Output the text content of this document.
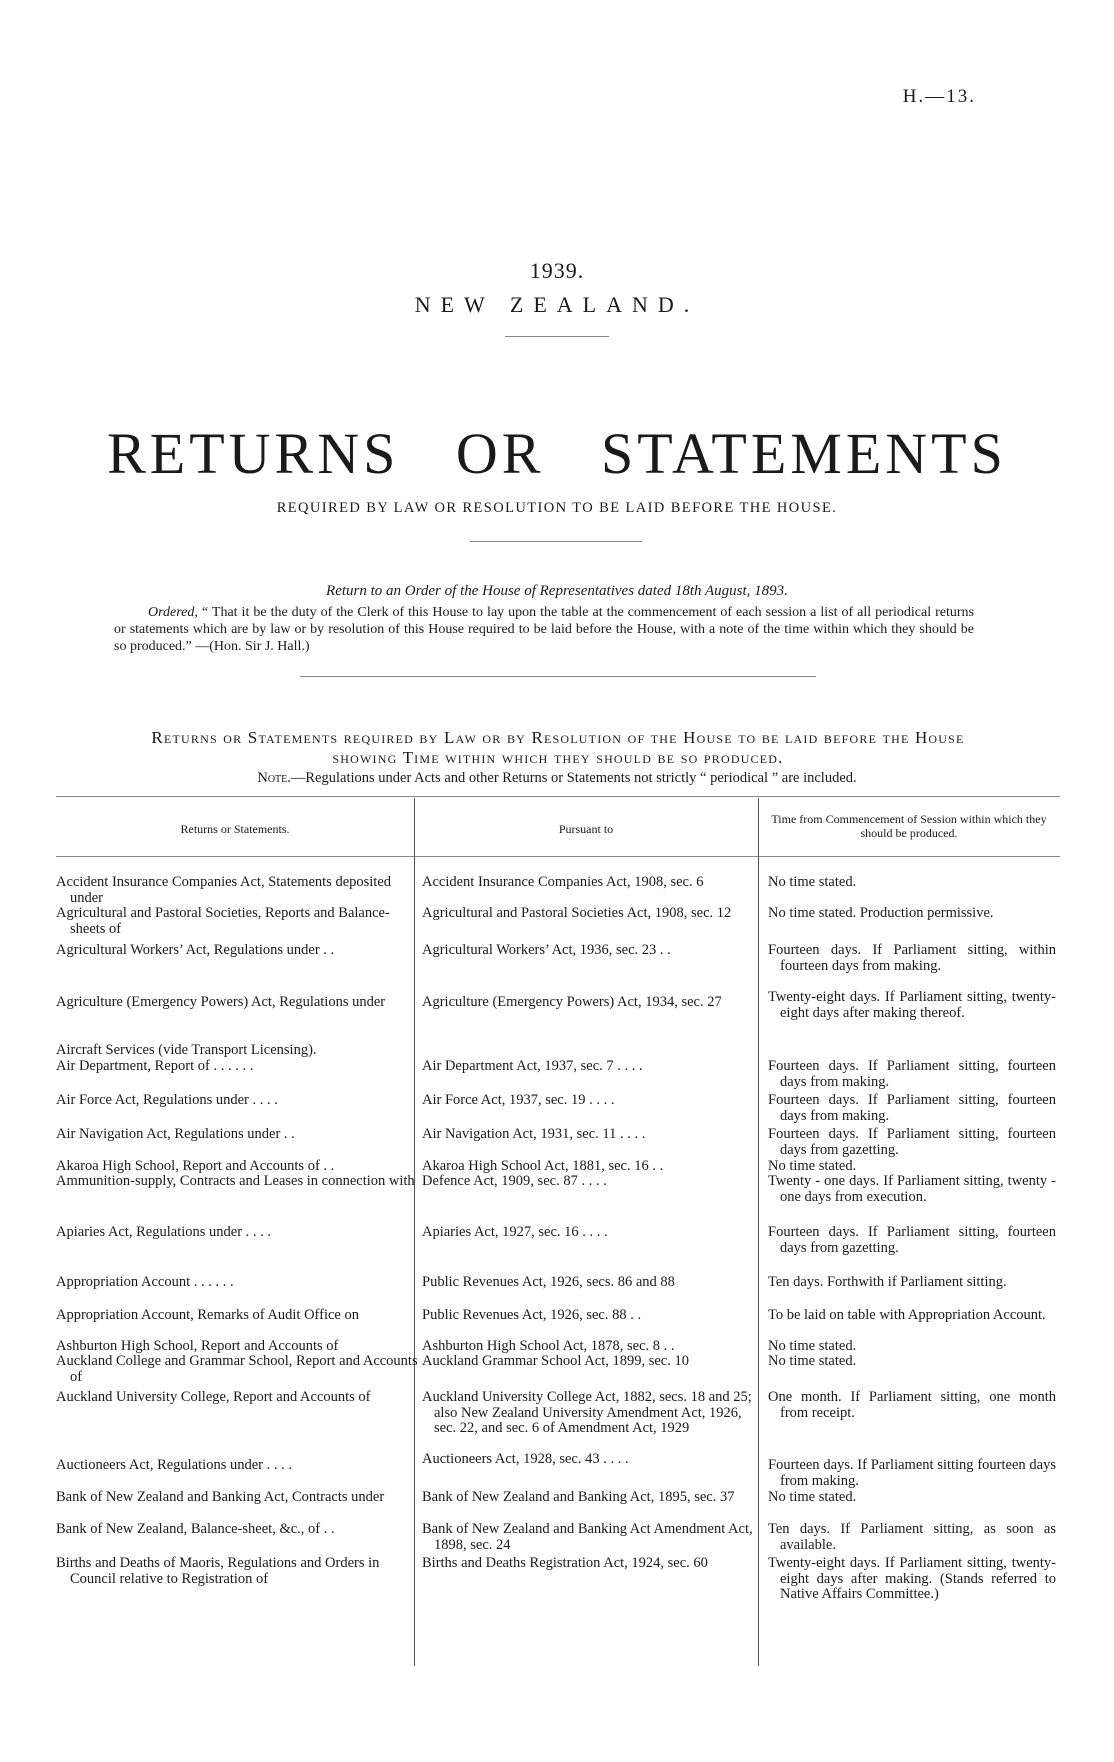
H.—13.
1939.
NEW ZEALAND.
RETURNS OR STATEMENTS
REQUIRED BY LAW OR RESOLUTION TO BE LAID BEFORE THE HOUSE.
Return to an Order of the House of Representatives dated 18th August, 1893.
Ordered, “ That it be the duty of the Clerk of this House to lay upon the table at the commencement of each session a list of all periodical returns or statements which are by law or by resolution of this House required to be laid before the House, with a note of the time within which they should be so produced.” —(Hon. Sir J. Hall.)
Returns or Statements required by Law or by Resolution of the House to be laid before the House
showing Time within which they should be so produced.
Note.—Regulations under Acts and other Returns or Statements not strictly “ periodical ” are included.
Returns or Statements.	Pursuant to
Time from Commencement of Session within which they should be produced.
Accident Insurance Companies Act, Statements deposited under
Agricultural and Pastoral Societies, Reports and Balance-sheets of
Agricultural Workers’ Act, Regulations under . .
Agriculture (Emergency Powers) Act, Regulations under
Aircraft Services (vide Transport Licensing).
Air Department, Report of . . . . . .
Air Force Act, Regulations under . . . .
Air Navigation Act, Regulations under . .
Akaroa High School, Report and Accounts of . .
Ammunition-supply, Contracts and Leases in connection with
Apiaries Act, Regulations under . . . .
Appropriation Account . . . . . .
Appropriation Account, Remarks of Audit Office on
Ashburton High School, Report and Accounts of
Auckland College and Grammar School, Report and Accounts of
Auckland University College, Report and Accounts of
Auctioneers Act, Regulations under . . . .
Bank of New Zealand and Banking Act, Contracts under
Bank of New Zealand, Balance-sheet, &c., of . .
Births and Deaths of Maoris, Regulations and Orders in Council relative to Registration of
Accident Insurance Companies Act, 1908, sec. 6
Agricultural and Pastoral Societies Act, 1908, sec. 12
Agricultural Workers’ Act, 1936, sec. 23 . .
Agriculture (Emergency Powers) Act, 1934, sec. 27
Air Department Act, 1937, sec. 7 . . . .
Air Force Act, 1937, sec. 19 . . . .
Air Navigation Act, 1931, sec. 11 . . . .
Akaroa High School Act, 1881, sec. 16 . .
Defence Act, 1909, sec. 87 . . . .
Apiaries Act, 1927, sec. 16 . . . .
Public Revenues Act, 1926, secs. 86 and 88
Public Revenues Act, 1926, sec. 88 . .
Ashburton High School Act, 1878, sec. 8 . .
Auckland Grammar School Act, 1899, sec. 10
Auckland University College Act, 1882, secs. 18 and 25; also New Zealand University Amendment Act, 1926, sec. 22, and sec. 6 of Amendment Act, 1929
Auctioneers Act, 1928, sec. 43 . . . .
Bank of New Zealand and Banking Act, 1895, sec. 37
Bank of New Zealand and Banking Act Amendment Act, 1898, sec. 24
Births and Deaths Registration Act, 1924, sec. 60
No time stated.
No time stated. Production permissive.
Fourteen days. If Parliament sitting, within fourteen days from making.
Twenty-eight days. If Parliament sitting, twenty-eight days after making thereof.
Fourteen days. If Parliament sitting, fourteen days from making.
Fourteen days. If Parliament sitting, fourteen days from making.
Fourteen days. If Parliament sitting, fourteen days from gazetting.
No time stated.
Twenty - one days. If Parliament sitting, twenty - one days from execution.
Fourteen days. If Parliament sitting, fourteen days from gazetting.
Ten days. Forthwith if Parliament sitting.
To be laid on table with Appropriation Account.
No time stated.
No time stated.
One month. If Parliament sitting, one month from receipt.
Fourteen days. If Parliament sitting fourteen days from making.
No time stated.
Ten days. If Parliament sitting, as soon as available.
Twenty-eight days. If Parliament sitting, twenty-eight days after making. (Stands referred to Native Affairs Committee.)
